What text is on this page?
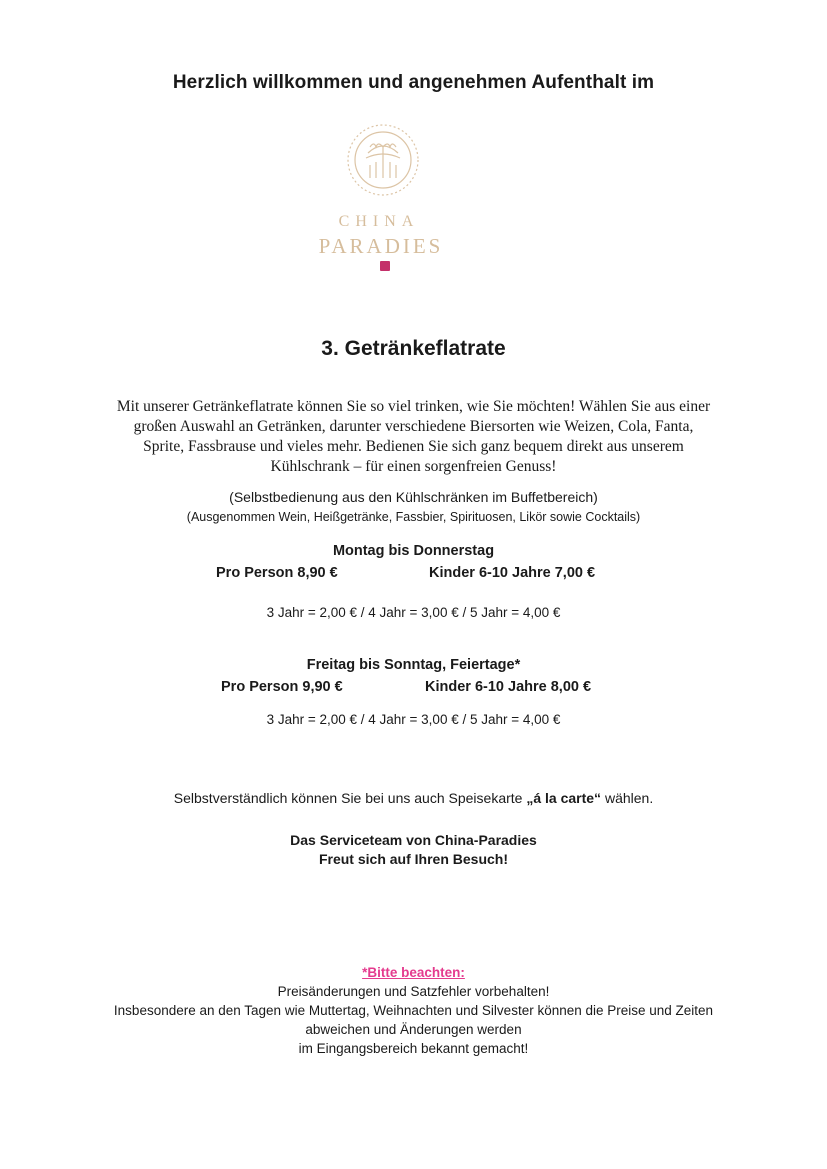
Herzlich willkommen und angenehmen Aufenthalt im
CHINA
PARADIES
3. Getränkeflatrate
Mit unserer Getränkeflatrate können Sie so viel trinken, wie Sie möchten! Wählen Sie aus einer
großen Auswahl an Getränken, darunter verschiedene Biersorten wie Weizen, Cola, Fanta,
Sprite, Fassbrause und vieles mehr. Bedienen Sie sich ganz bequem direkt aus unserem
Kühlschrank – für einen sorgenfreien Genuss!
(Selbstbedienung aus den Kühlschränken im Buffetbereich)
(Ausgenommen Wein, Heißgetränke, Fassbier, Spirituosen, Likör sowie Cocktails)
Montag bis Donnerstag
Pro Person 8,90 €	Kinder 6-10 Jahre 7,00 €
3 Jahr = 2,00 € / 4 Jahr = 3,00 € / 5 Jahr = 4,00 €
Freitag bis Sonntag, Feiertage*
Pro Person 9,90 €	Kinder 6-10 Jahre 8,00 €
3 Jahr = 2,00 € / 4 Jahr = 3,00 € / 5 Jahr = 4,00 €
Selbstverständlich können Sie bei uns auch Speisekarte „á la carte“ wählen.
Das Serviceteam von China-Paradies
Freut sich auf Ihren Besuch!
*Bitte beachten:
Preisänderungen und Satzfehler vorbehalten!
Insbesondere an den Tagen wie Muttertag, Weihnachten und Silvester können die Preise und Zeiten
abweichen und Änderungen werden
im Eingangsbereich bekannt gemacht!
